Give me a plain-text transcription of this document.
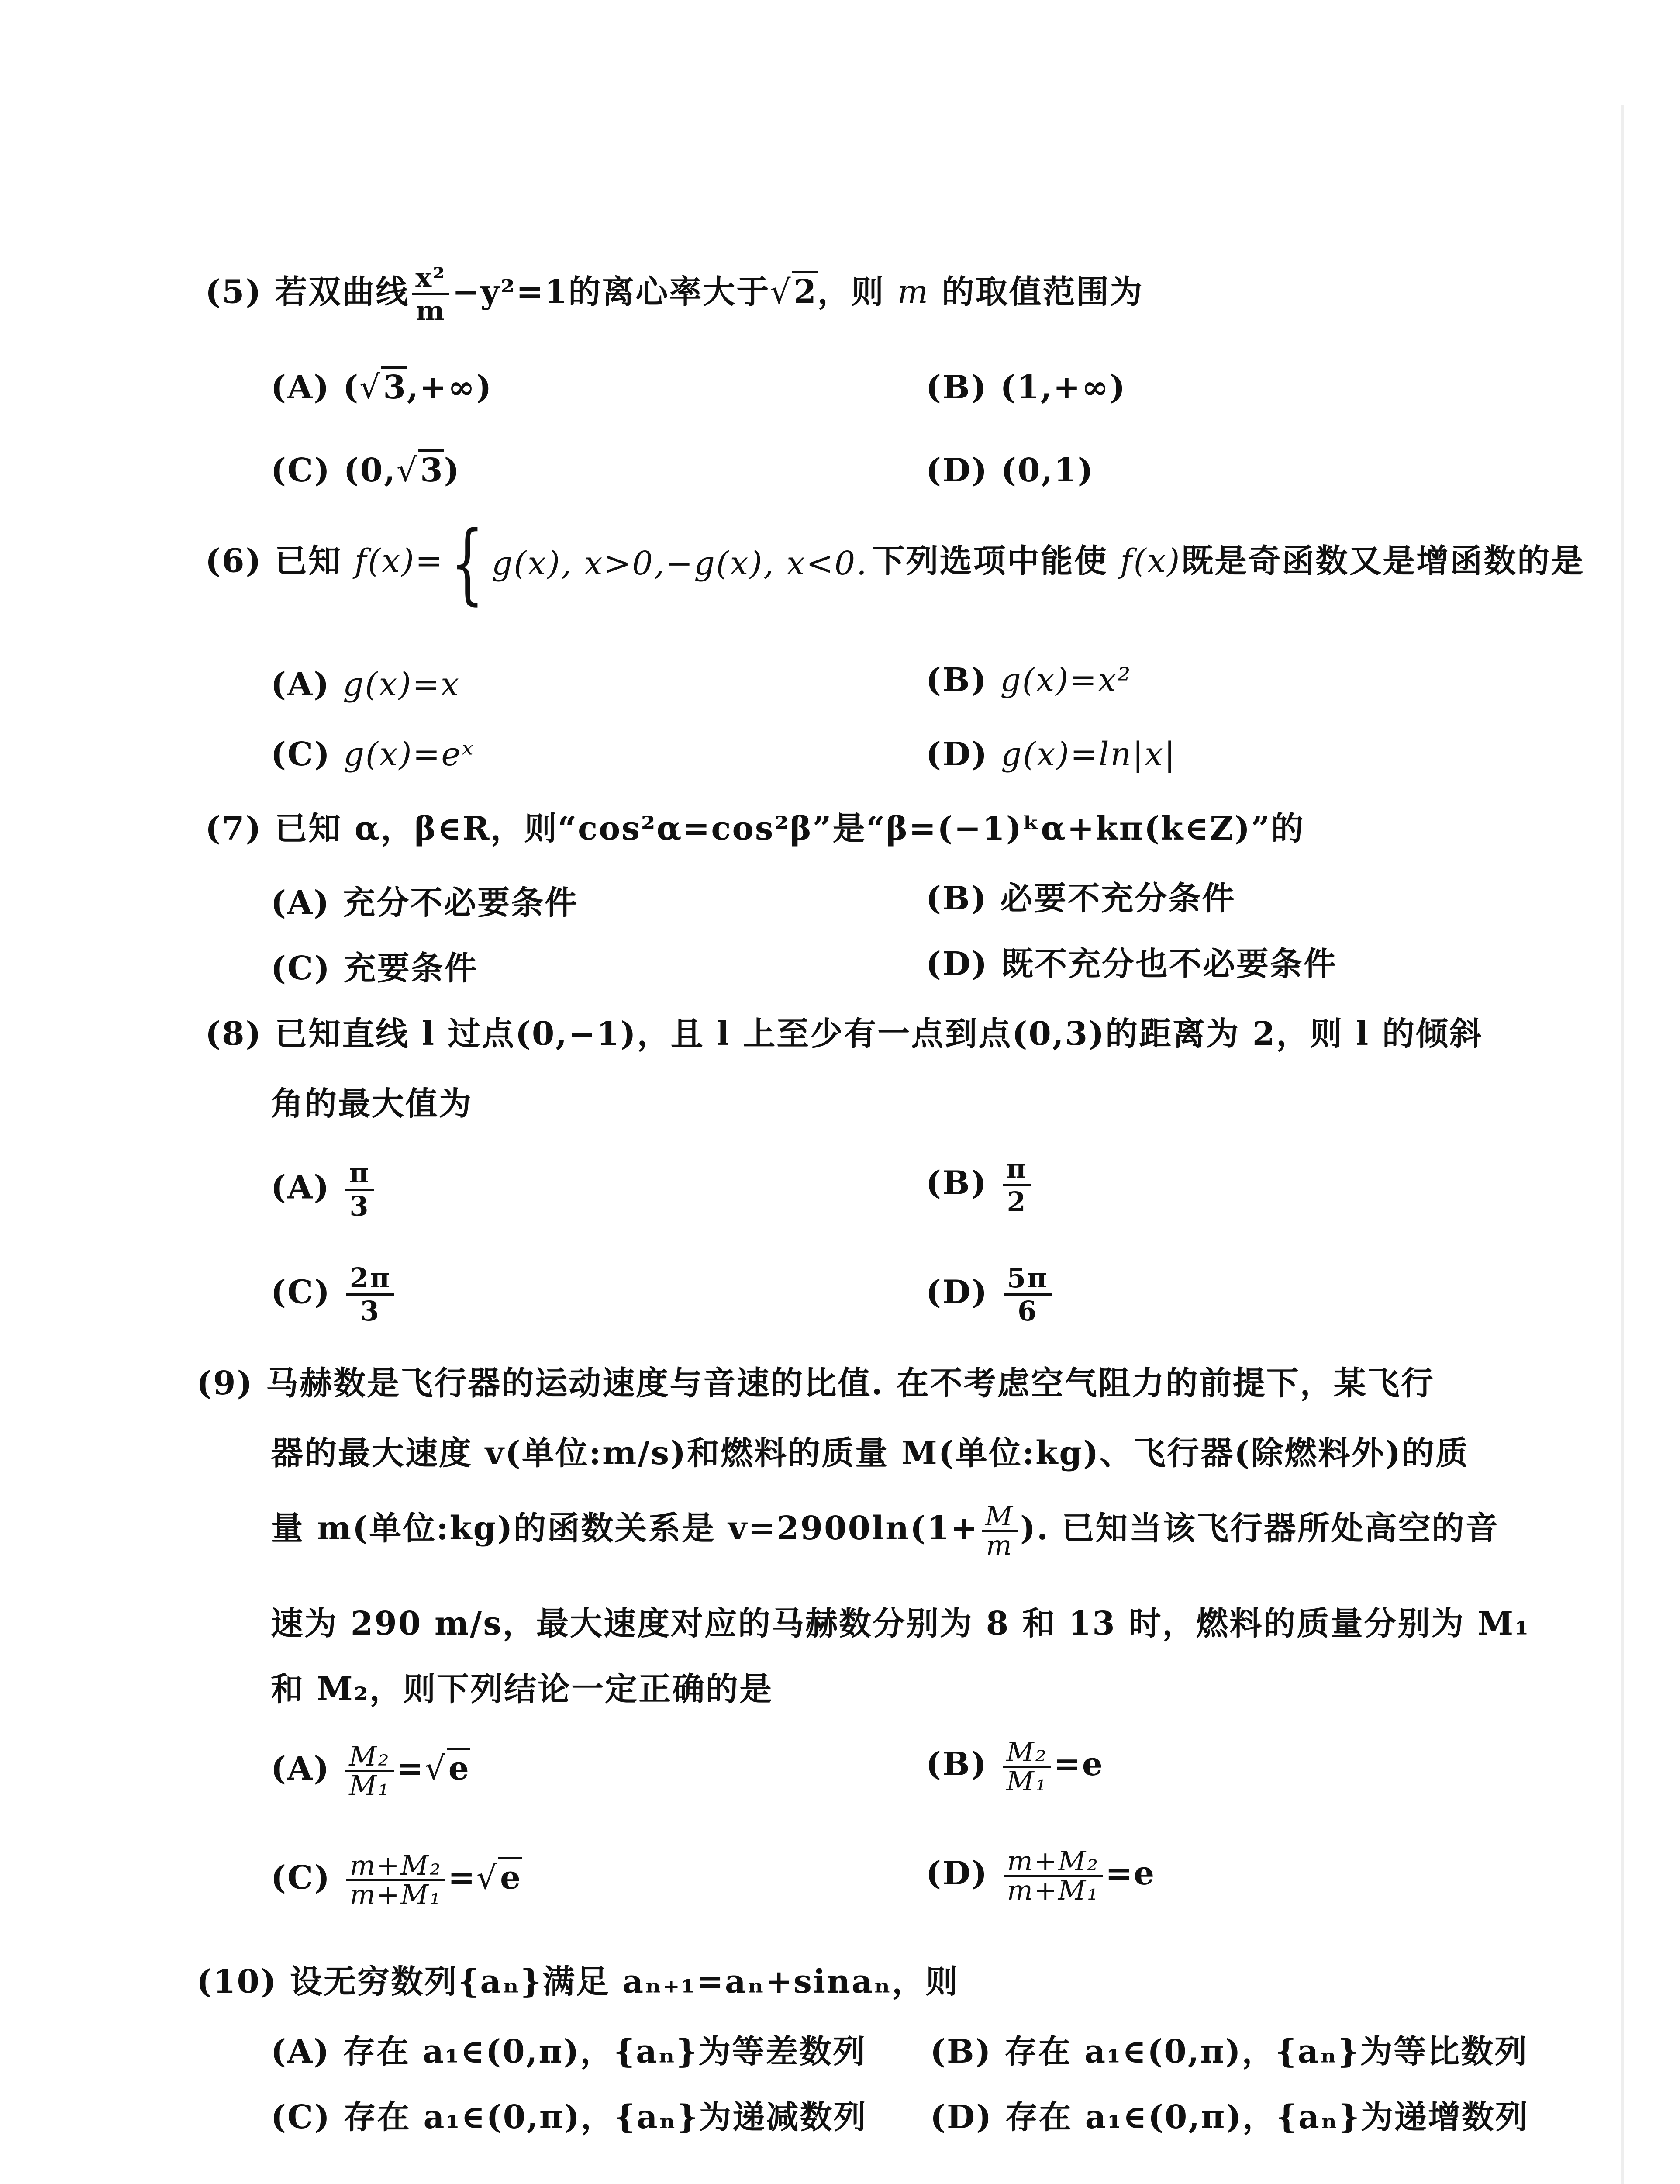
(5) 若双曲线 $\frac{\text{x²}}{m} -y^2=1$的离心率大于√2，则 m 的取值范围为
(A) (√3,+∞)	(B) (1,+∞)
(C) (0,√3)	(D) (0,1)
(6) 已知 f(x)={ g(x), x>0,−g(x), x<0. 下列选项中能使 f(x)既是奇函数又是增函数的是
(A) g(x)=x	(B) g(x)=x²
(C) g(x)=eˣ	(D) g(x)=ln|x|
(7) 已知 α，β∈R，则“cos²α=cos²β”是“β=(−1)ᵏα+kπ(k∈Z)”的
(A) 充分不必要条件	(B) 必要不充分条件
(C) 充要条件	(D) 既不充分也不必要条件
(8) 已知直线 l 过点(0,−1)，且 l 上至少有一点到点(0,3)的距离为 2，则 l 的倾斜
角的最大值为
$(A) \frac{\pi}{3}$	$(B) \frac{\pi}{2}$
$(C) \frac{2\pi}{3}$	$(D) \frac{5\pi}{6}$
(9) 马赫数是飞行器的运动速度与音速的比值. 在不考虑空气阻力的前提下，某飞行
器的最大速度 v(单位:m/s)和燃料的质量 M(单位:kg)、飞行器(除燃料外)的质
量 m(单位:kg)的函数关系是 $v=2900\ln(1+ \frac{M}{m}$ ). 已知当该飞行器所处高空的音
速为 290 m/s，最大速度对应的马赫数分别为 8 和 13 时，燃料的质量分别为 M₁
和 M₂，则下列结论一定正确的是
$(A) \frac{\text{M₂}}{\text{M₁}} =√e$	$(B) \frac{\text{M₂}}{\text{M₁}} =e$
$(C) \frac{\text{m+M₂}}{\text{m+M₁}} =√e$	$(D) \frac{\text{m+M₂}}{\text{m+M₁}} =e$
(10) 设无穷数列{aₙ}满足 aₙ₊₁=aₙ+sinaₙ，则
(A) 存在 a₁∈(0,π)，{aₙ}为等差数列 (B) 存在 a₁∈(0,π)，{aₙ}为等比数列
(C) 存在 a₁∈(0,π)，{aₙ}为递减数列 (D) 存在 a₁∈(0,π)，{aₙ}为递增数列
